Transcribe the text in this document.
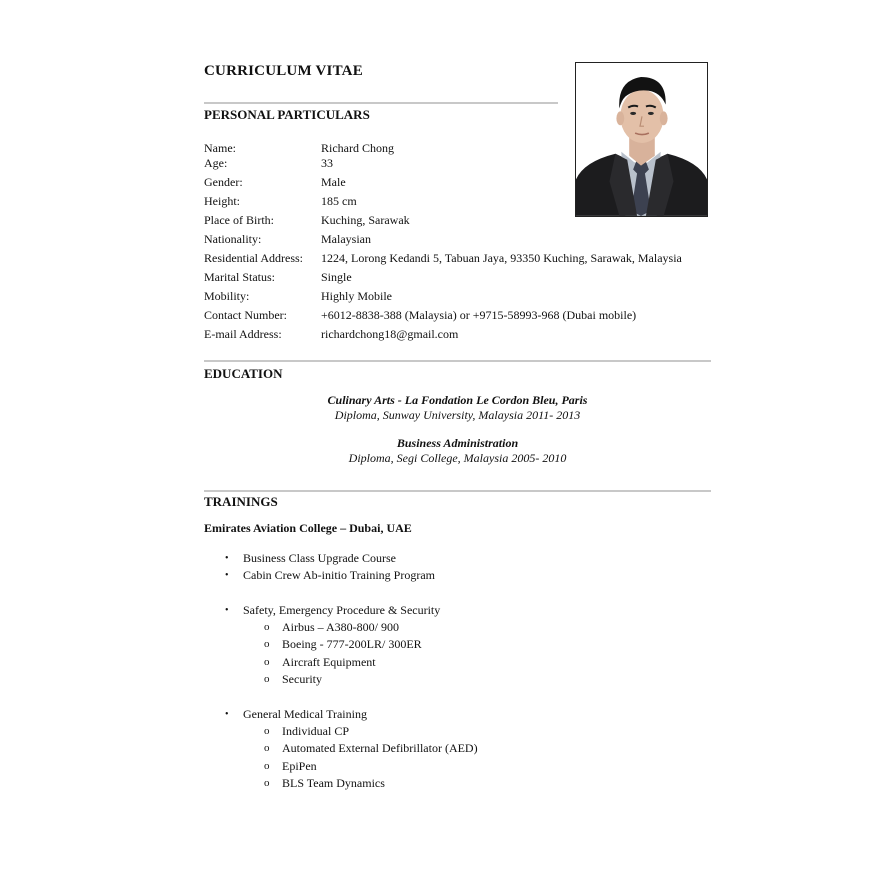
CURRICULUM VITAE
PERSONAL PARTICULARS
Name:	Richard Chong
Age:	33
Gender:	Male
Height:	185 cm
Place of Birth:	Kuching, Sarawak
Nationality:	Malaysian
Residential Address: 1224, Lorong Kedandi 5, Tabuan Jaya, 93350 Kuching, Sarawak, Malaysia
Marital Status:	Single
Mobility:	Highly Mobile
Contact Number:	+6012-8838-388 (Malaysia) or +9715-58993-968 (Dubai mobile)
E-mail Address:	richardchong18@gmail.com
EDUCATION
Culinary Arts - La Fondation Le Cordon Bleu, Paris
Diploma, Sunway University, Malaysia 2011- 2013
Business Administration
Diploma, Segi College, Malaysia 2005- 2010
TRAININGS
Emirates Aviation College – Dubai, UAE
• Business Class Upgrade Course
• Cabin Crew Ab-initio Training Program
• Safety, Emergency Procedure & Security
o Airbus – A380-800/ 900
o Boeing - 777-200LR/ 300ER
o Aircraft Equipment
o Security
• General Medical Training
o Individual CP
o Automated External Defibrillator (AED)
o EpiPen
o BLS Team Dynamics
